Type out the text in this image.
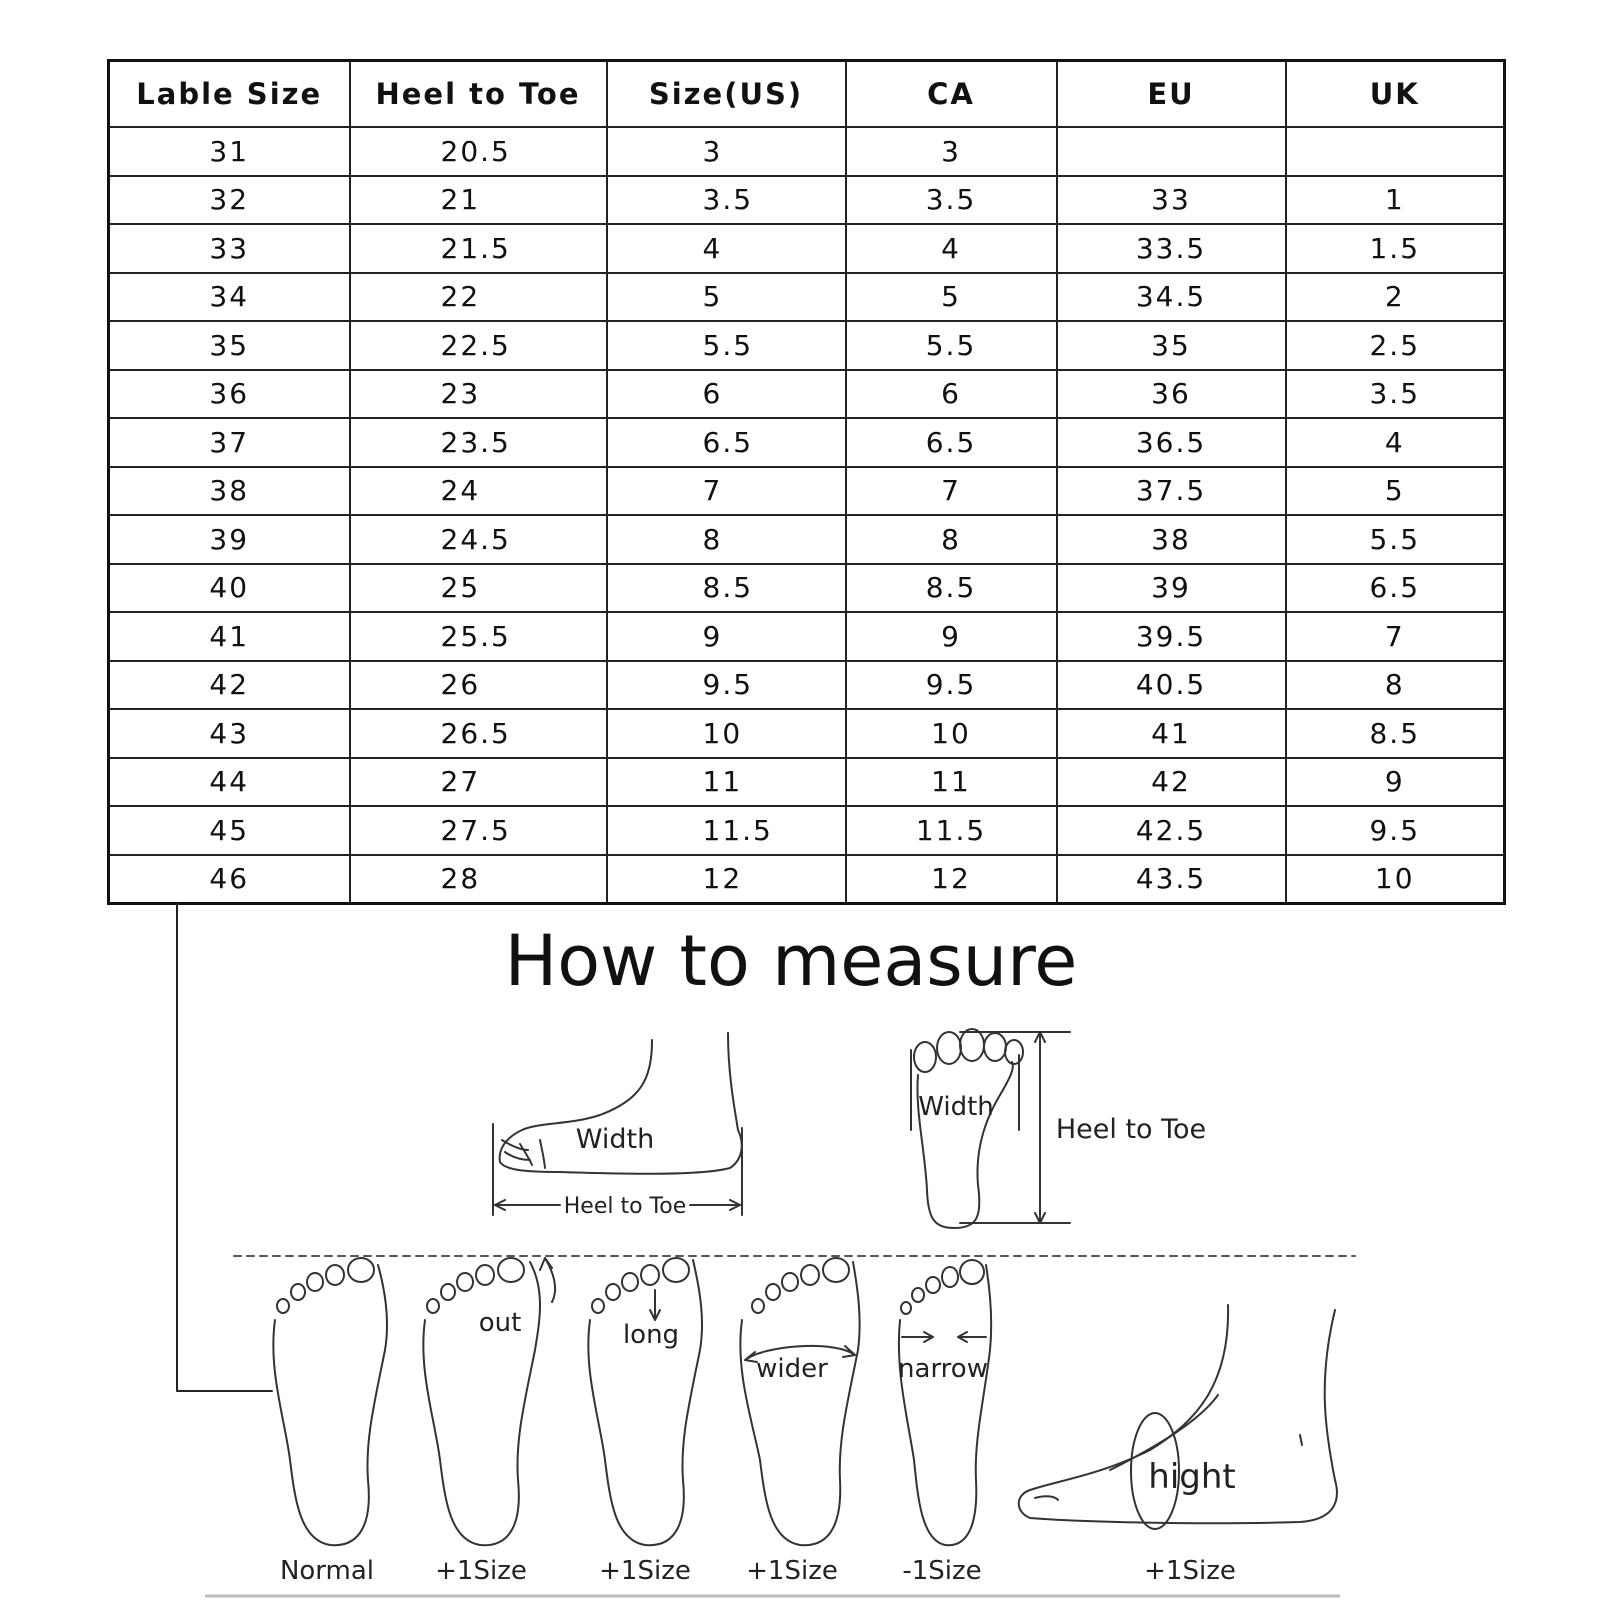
Lable Size	Heel to Toe	Size(US)	CA	EU	UK
31	20.5	3	3		
32	21	3.5	3.5	33	1
33	21.5	4	4	33.5	1.5
34	22	5	5	34.5	2
35	22.5	5.5	5.5	35	2.5
36	23	6	6	36	3.5
37	23.5	6.5	6.5	36.5	4
38	24	7	7	37.5	5
39	24.5	8	8	38	5.5
40	25	8.5	8.5	39	6.5
41	25.5	9	9	39.5	7
42	26	9.5	9.5	40.5	8
43	26.5	10	10	41	8.5
44	27	11	11	42	9
45	27.5	11.5	11.5	42.5	9.5
46	28	12	12	43.5	10
How to measure
Width
Heel to Toe
Width
Heel to Toe
out	long
wider	narrow
hight
Normal +1Size	+1Size +1Size -1Size	+1Size
